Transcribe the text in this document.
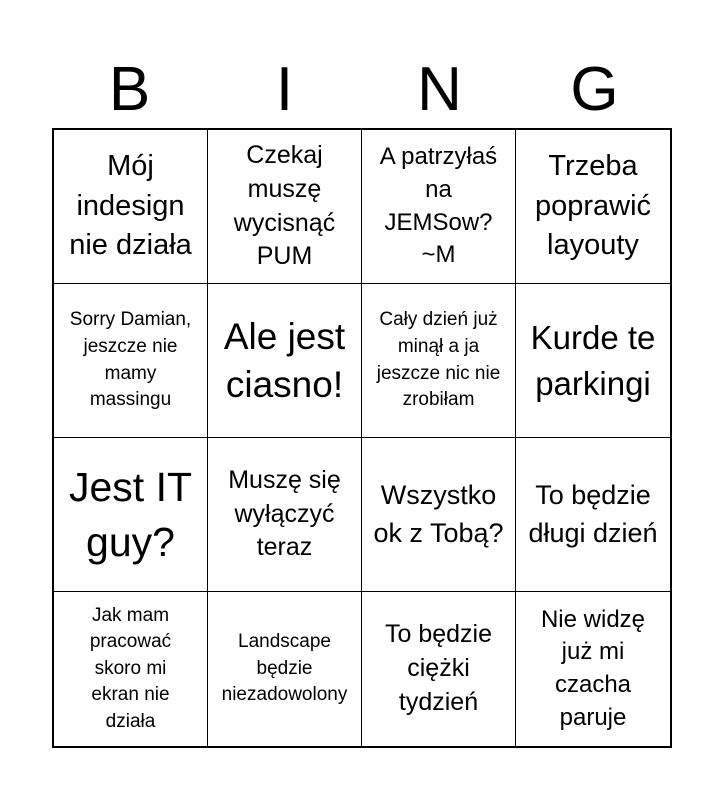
B	I	N	G
Mój indesign nie działa
Czekaj muszę wycisnąć PUM
A patrzyłaś na JEMSow? ~M
Trzeba poprawić layouty
Sorry Damian, jeszcze nie mamy massingu
Ale jest ciasno!
Cały dzień już minął a ja jeszcze nic nie zrobiłam
Kurde te parkingi
Jest IT guy?
Muszę się wyłączyć teraz
Wszystko ok z Tobą?
To będzie długi dzień
Jak mam pracować skoro mi ekran nie działa
Landscape będzie niezadowolony
To będzie ciężki tydzień
Nie widzę już mi czacha paruje
